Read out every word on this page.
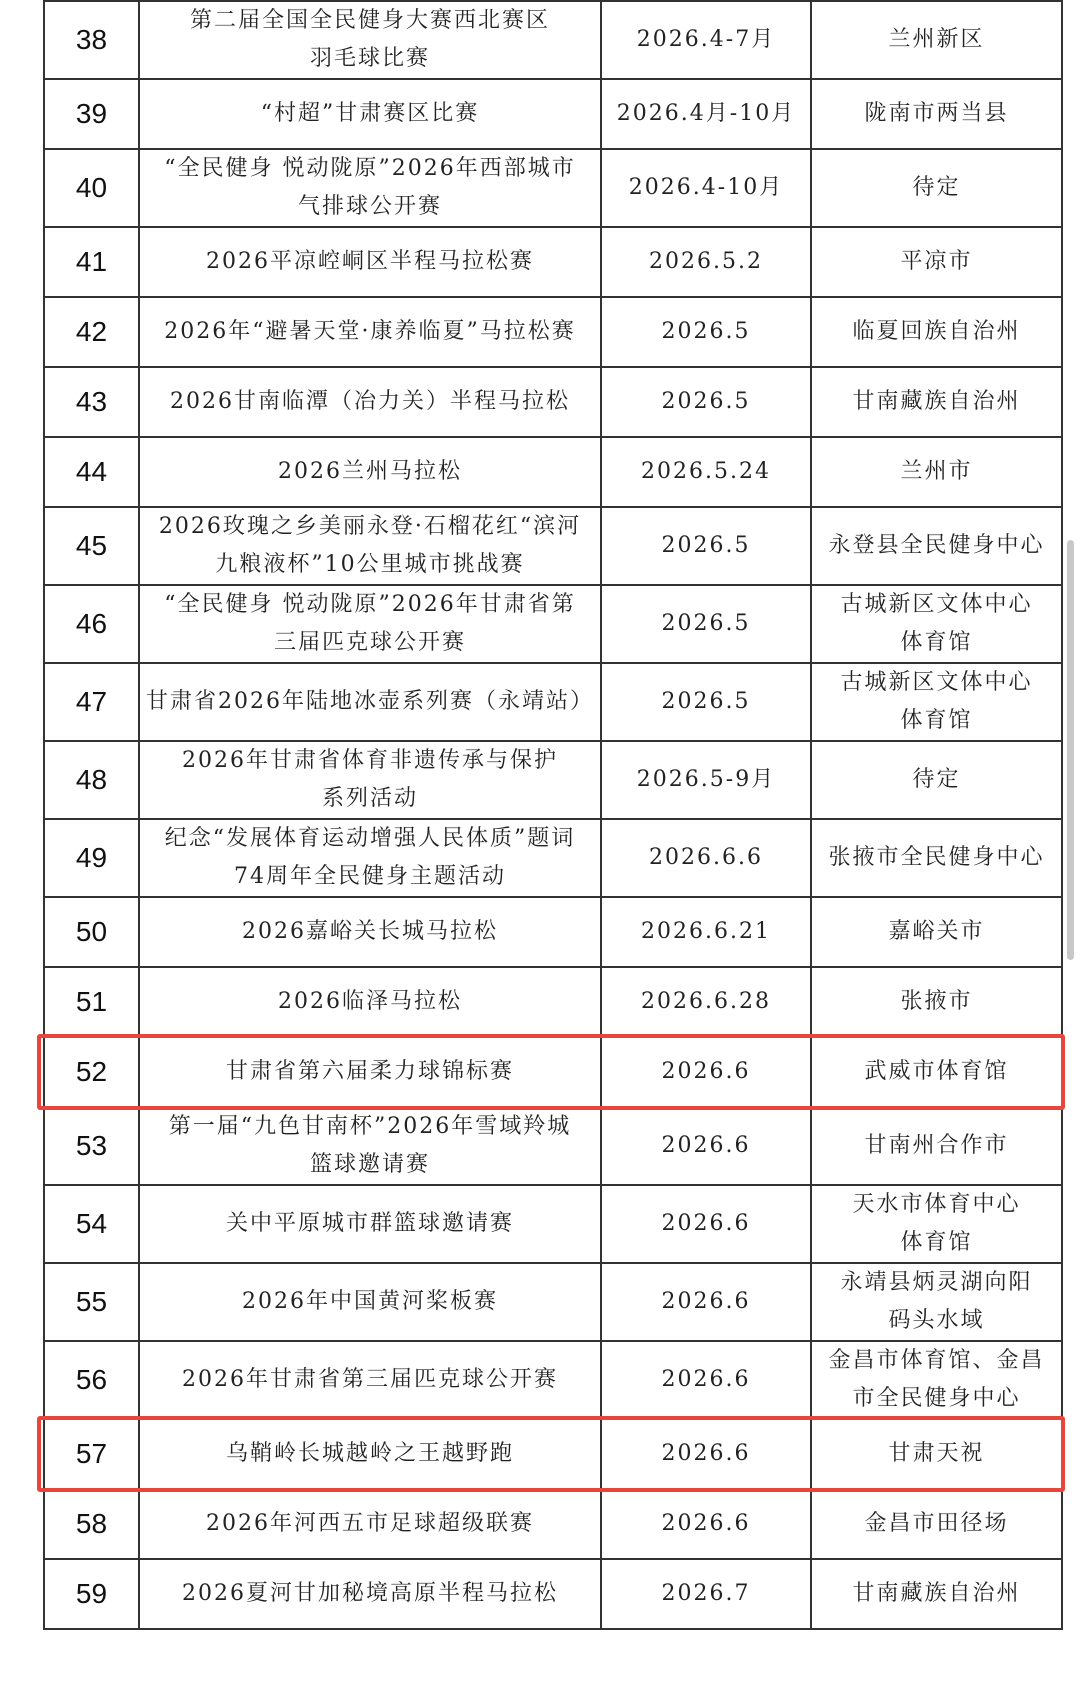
38	第二届全国全民健身大赛西北赛区
羽毛球比赛	2026.4-7月	兰州新区

39	“村超”甘肃赛区比赛	2026.4月-10月	陇南市两当县

40	“全民健身 悦动陇原”2026年西部城市
气排球公开赛	2026.4-10月	待定

41	2026平凉崆峒区半程马拉松赛	2026.5.2	平凉市

42	2026年“避暑天堂·康养临夏”马拉松赛	2026.5	临夏回族自治州

43	2026甘南临潭（冶力关）半程马拉松	2026.5	甘南藏族自治州

44	2026兰州马拉松	2026.5.24	兰州市

45	2026玫瑰之乡美丽永登·石榴花红“滨河
九粮液杯”10公里城市挑战赛	2026.5	永登县全民健身中心

46	“全民健身 悦动陇原”2026年甘肃省第
三届匹克球公开赛	2026.5	古城新区文体中心
体育馆

47	甘肃省2026年陆地冰壶系列赛（永靖站）	2026.5	古城新区文体中心
体育馆

48	2026年甘肃省体育非遗传承与保护
系列活动	2026.5-9月	待定

49	纪念“发展体育运动增强人民体质”题词
74周年全民健身主题活动	2026.6.6	张掖市全民健身中心

50	2026嘉峪关长城马拉松	2026.6.21	嘉峪关市

51	2026临泽马拉松	2026.6.28	张掖市

52	甘肃省第六届柔力球锦标赛	2026.6	武威市体育馆

53	第一届“九色甘南杯”2026年雪域羚城
篮球邀请赛	2026.6	甘南州合作市

54	关中平原城市群篮球邀请赛	2026.6	天水市体育中心
体育馆

55	2026年中国黄河桨板赛	2026.6	永靖县炳灵湖向阳
码头水域

56	2026年甘肃省第三届匹克球公开赛	2026.6	金昌市体育馆、金昌
市全民健身中心

57	乌鞘岭长城越岭之王越野跑	2026.6	甘肃天祝

58	2026年河西五市足球超级联赛	2026.6	金昌市田径场

59	2026夏河甘加秘境高原半程马拉松	2026.7	甘南藏族自治州
